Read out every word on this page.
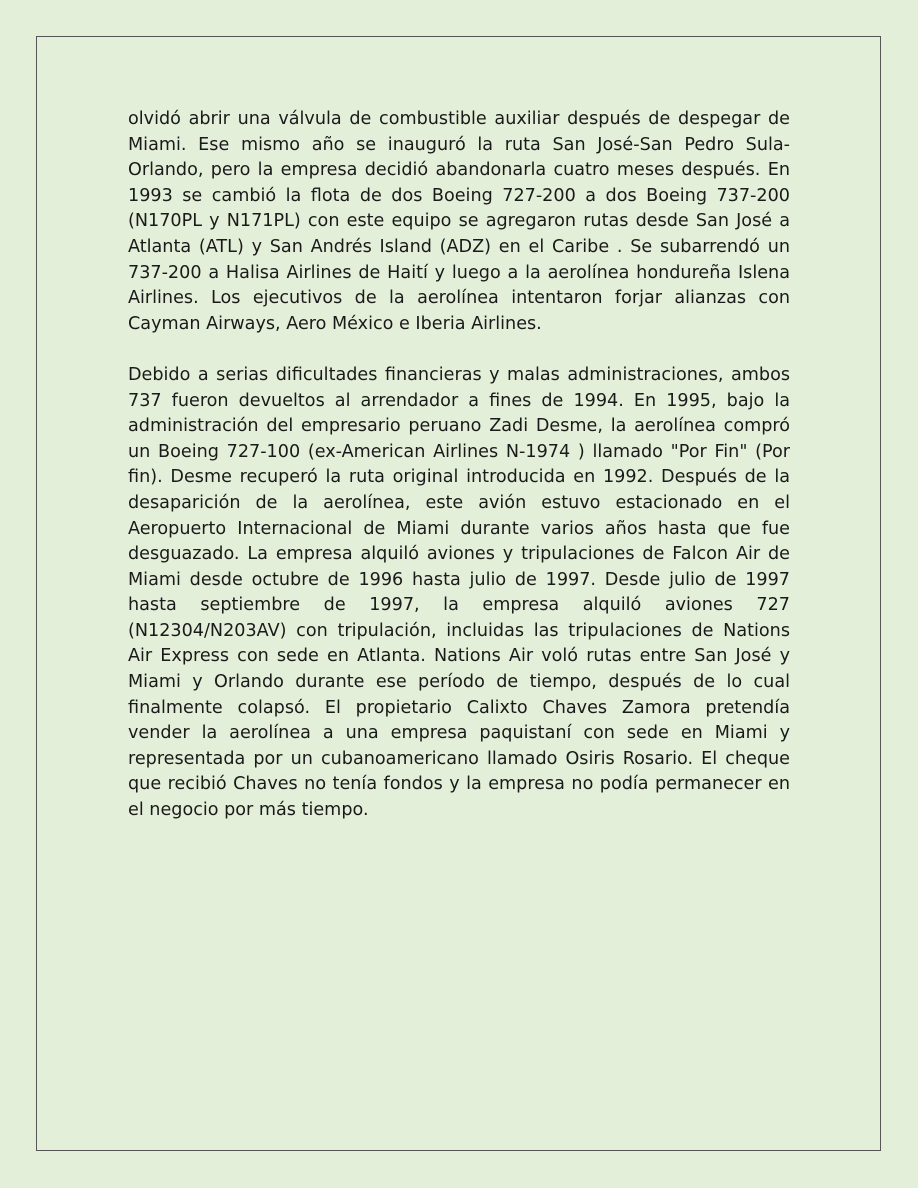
olvidó abrir una válvula de combustible auxiliar después de despegar de Miami. Ese mismo año se inauguró la ruta San José-San Pedro Sula-Orlando, pero la empresa decidió abandonarla cuatro meses después. En 1993 se cambió la flota de dos Boeing 727-200 a dos Boeing 737-200 (N170PL y N171PL) con este equipo se agregaron rutas desde San José a Atlanta (ATL) y San Andrés Island (ADZ) en el Caribe . Se subarrendó un 737-200 a Halisa Airlines de Haití y luego a la aerolínea hondureña Islena Airlines. Los ejecutivos de la aerolínea intentaron forjar alianzas con Cayman Airways, Aero México e Iberia Airlines.

Debido a serias dificultades financieras y malas administraciones, ambos 737 fueron devueltos al arrendador a fines de 1994. En 1995, bajo la administración del empresario peruano Zadi Desme, la aerolínea compró un Boeing 727-100 (ex-American Airlines N-1974 ) llamado "Por Fin" (Por fin). Desme recuperó la ruta original introducida en 1992. Después de la desaparición de la aerolínea, este avión estuvo estacionado en el Aeropuerto Internacional de Miami durante varios años hasta que fue desguazado. La empresa alquiló aviones y tripulaciones de Falcon Air de Miami desde octubre de 1996 hasta julio de 1997. Desde julio de 1997 hasta septiembre de 1997, la empresa alquiló aviones 727 (N12304/N203AV) con tripulación, incluidas las tripulaciones de Nations Air Express con sede en Atlanta. Nations Air voló rutas entre San José y Miami y Orlando durante ese período de tiempo, después de lo cual finalmente colapsó. El propietario Calixto Chaves Zamora pretendía vender la aerolínea a una empresa paquistaní con sede en Miami y representada por un cubanoamericano llamado Osiris Rosario. El cheque que recibió Chaves no tenía fondos y la empresa no podía permanecer en el negocio por más tiempo.
